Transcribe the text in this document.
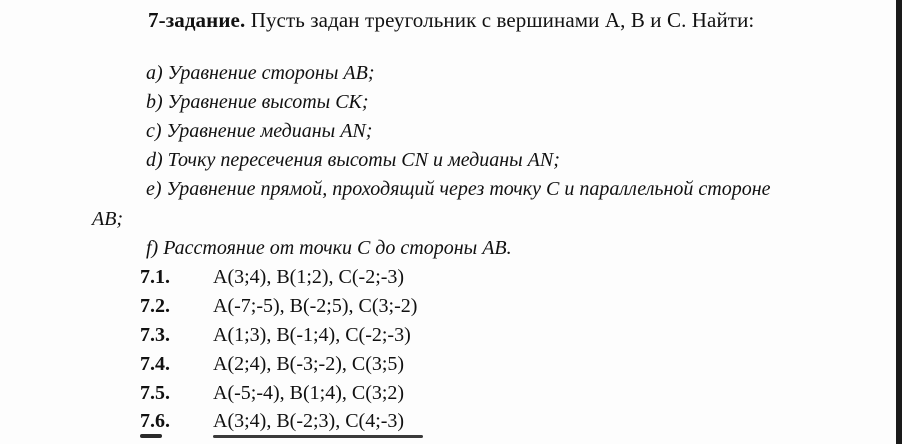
7-задание. Пусть задан треугольник с вершинами A, B и C. Найти:
а) Уравнение стороны AB;
b) Уравнение высоты CK;
c) Уравнение медианы AN;
d) Точку пересечения высоты CN и медианы AN;
e) Уравнение прямой, проходящий через точку C и параллельной стороне
AB;
f) Расстояние от точки C до стороны AB.
7.1. A(3;4), B(1;2), C(-2;-3)
7.2. A(-7;-5), B(-2;5), C(3;-2)
7.3. A(1;3), B(-1;4), C(-2;-3)
7.4. A(2;4), B(-3;-2), C(3;5)
7.5. A(-5;-4), B(1;4), C(3;2)
7.6. A(3;4), B(-2;3), C(4;-3)
